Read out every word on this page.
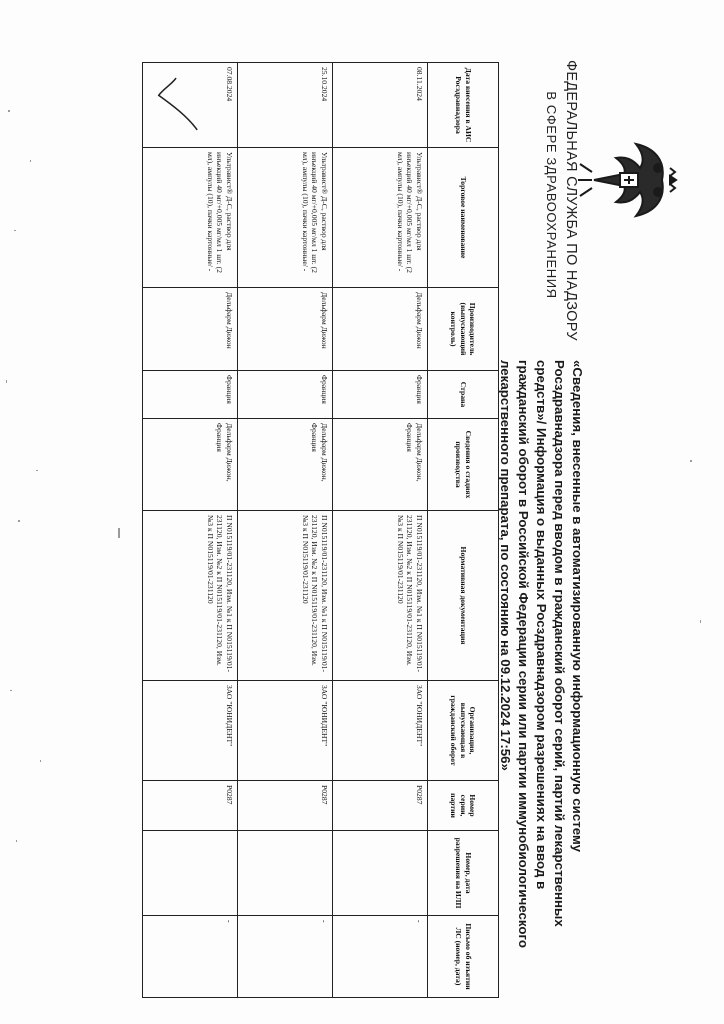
ФЕДЕРАЛЬНАЯ СЛУЖБА ПО НАДЗОРУ
В СФЕРЕ ЗДРАВООХРАНЕНИЯ
«Сведения, внесенные в автоматизированную информационную систему Росздравнадзора перед вводом в гражданский оборот серий, партий лекарственных средств»/ Информация о выданных Росздравнадзором разрешениях на ввод в гражданский оборот в Российской Федерации серии или партии иммунобиологического лекарственного препарата, по состоянию на 09.12.2024 17:56»
Дата внесения в АИС Росздравнадзора	Торговое наименование	Производитель (выпускающий контроль)	Страна	Сведения о стадиях производства	Нормативная документация	Организация, выпускающая в гражданский оборот	Номер серии, партии	Номер, дата разрешения на ИЛП	Письмо об изъятии ЛС (номер, дата)
08.11.2024	Ультравист® Д-С, раствор для инъекций 40 мг/+0,005 мг/мл 1 шт. (2 мл), ампулы (10), пачки картонные/ -	Дельфарм Дижон	Франция	Дельфарм Дижон, Франция	П N015119/01-231120, Изм. №1 к П N015119/01-231120, Изм. №2 к П N015119/01-231120, Изм. №3 к П N015119/01-231120	ЗАО "ЮНИДЕНТ"	P0287		-
25.10.2024	Ультравист® Д-С, раствор для инъекций 40 мг/+0,005 мг/мл 1 шт. (2 мл), ампулы (10), пачки картонные/ -	Дельфарм Дижон	Франция	Дельфарм Дижон, Франция	П N015119/01-231120, Изм. №1 к П N015119/01-231120, Изм. №2 к П N015119/01-231120, Изм. №3 к П N015119/01-231120	ЗАО "ЮНИДЕНТ"	P0287		-
07.08.2024	Ультравист® Д-С, раствор для инъекций 40 мг/+0,005 мг/мл 1 шт. (2 мл), ампулы (10), пачки картонные/ -	Дельфарм Дижон	Франция	Дельфарм Дижон, Франция	П N015119/01-231120, Изм. №1 к П N015119/01-231120, Изм. №2 к П N015119/01-231120, Изм. №3 к П N015119/01-231120	ЗАО "ЮНИДЕНТ"	P0287		-
